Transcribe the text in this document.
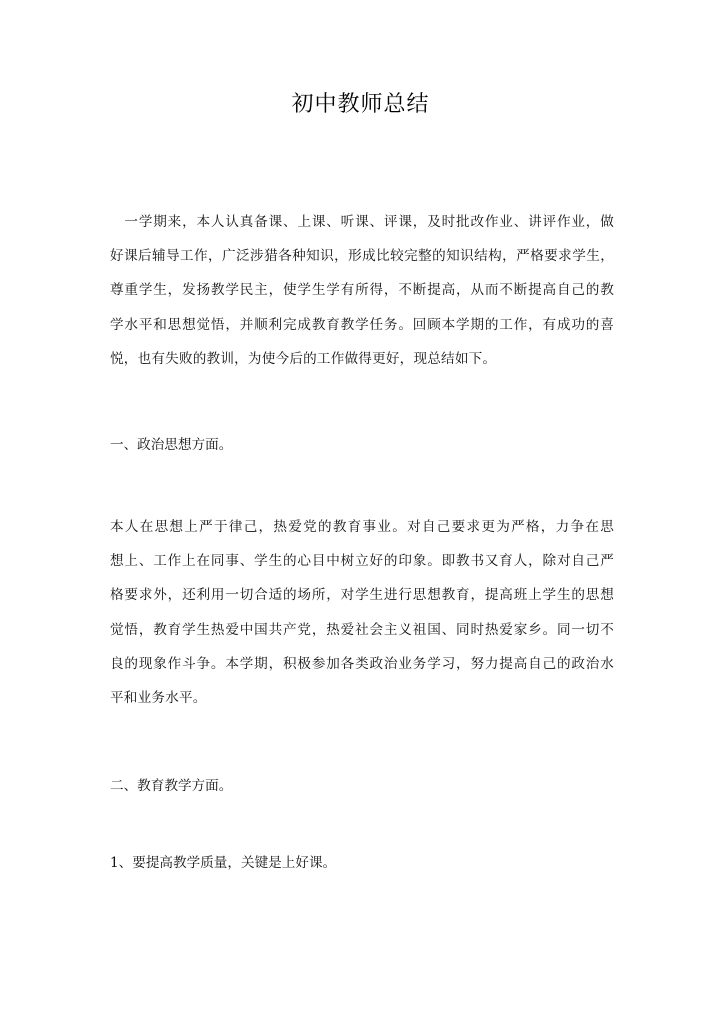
初中教师总结
　一学期来，本人认真备课、上课、听课、评课，及时批改作业、讲评作业，做
好课后辅导工作，广泛涉猎各种知识，形成比较完整的知识结构，严格要求学生，
尊重学生，发扬教学民主，使学生学有所得，不断提高，从而不断提高自己的教
学水平和思想觉悟，并顺利完成教育教学任务。回顾本学期的工作，有成功的喜
悦，也有失败的教训，为使今后的工作做得更好，现总结如下。
一、政治思想方面。
本人在思想上严于律己，热爱党的教育事业。对自己要求更为严格，力争在思
想上、工作上在同事、学生的心目中树立好的印象。即教书又育人，除对自己严
格要求外，还利用一切合适的场所，对学生进行思想教育，提高班上学生的思想
觉悟，教育学生热爱中国共产党，热爱社会主义祖国、同时热爱家乡。同一切不
良的现象作斗争。本学期，积极参加各类政治业务学习，努力提高自己的政治水
平和业务水平。
二、教育教学方面。
1、要提高教学质量，关键是上好课。
